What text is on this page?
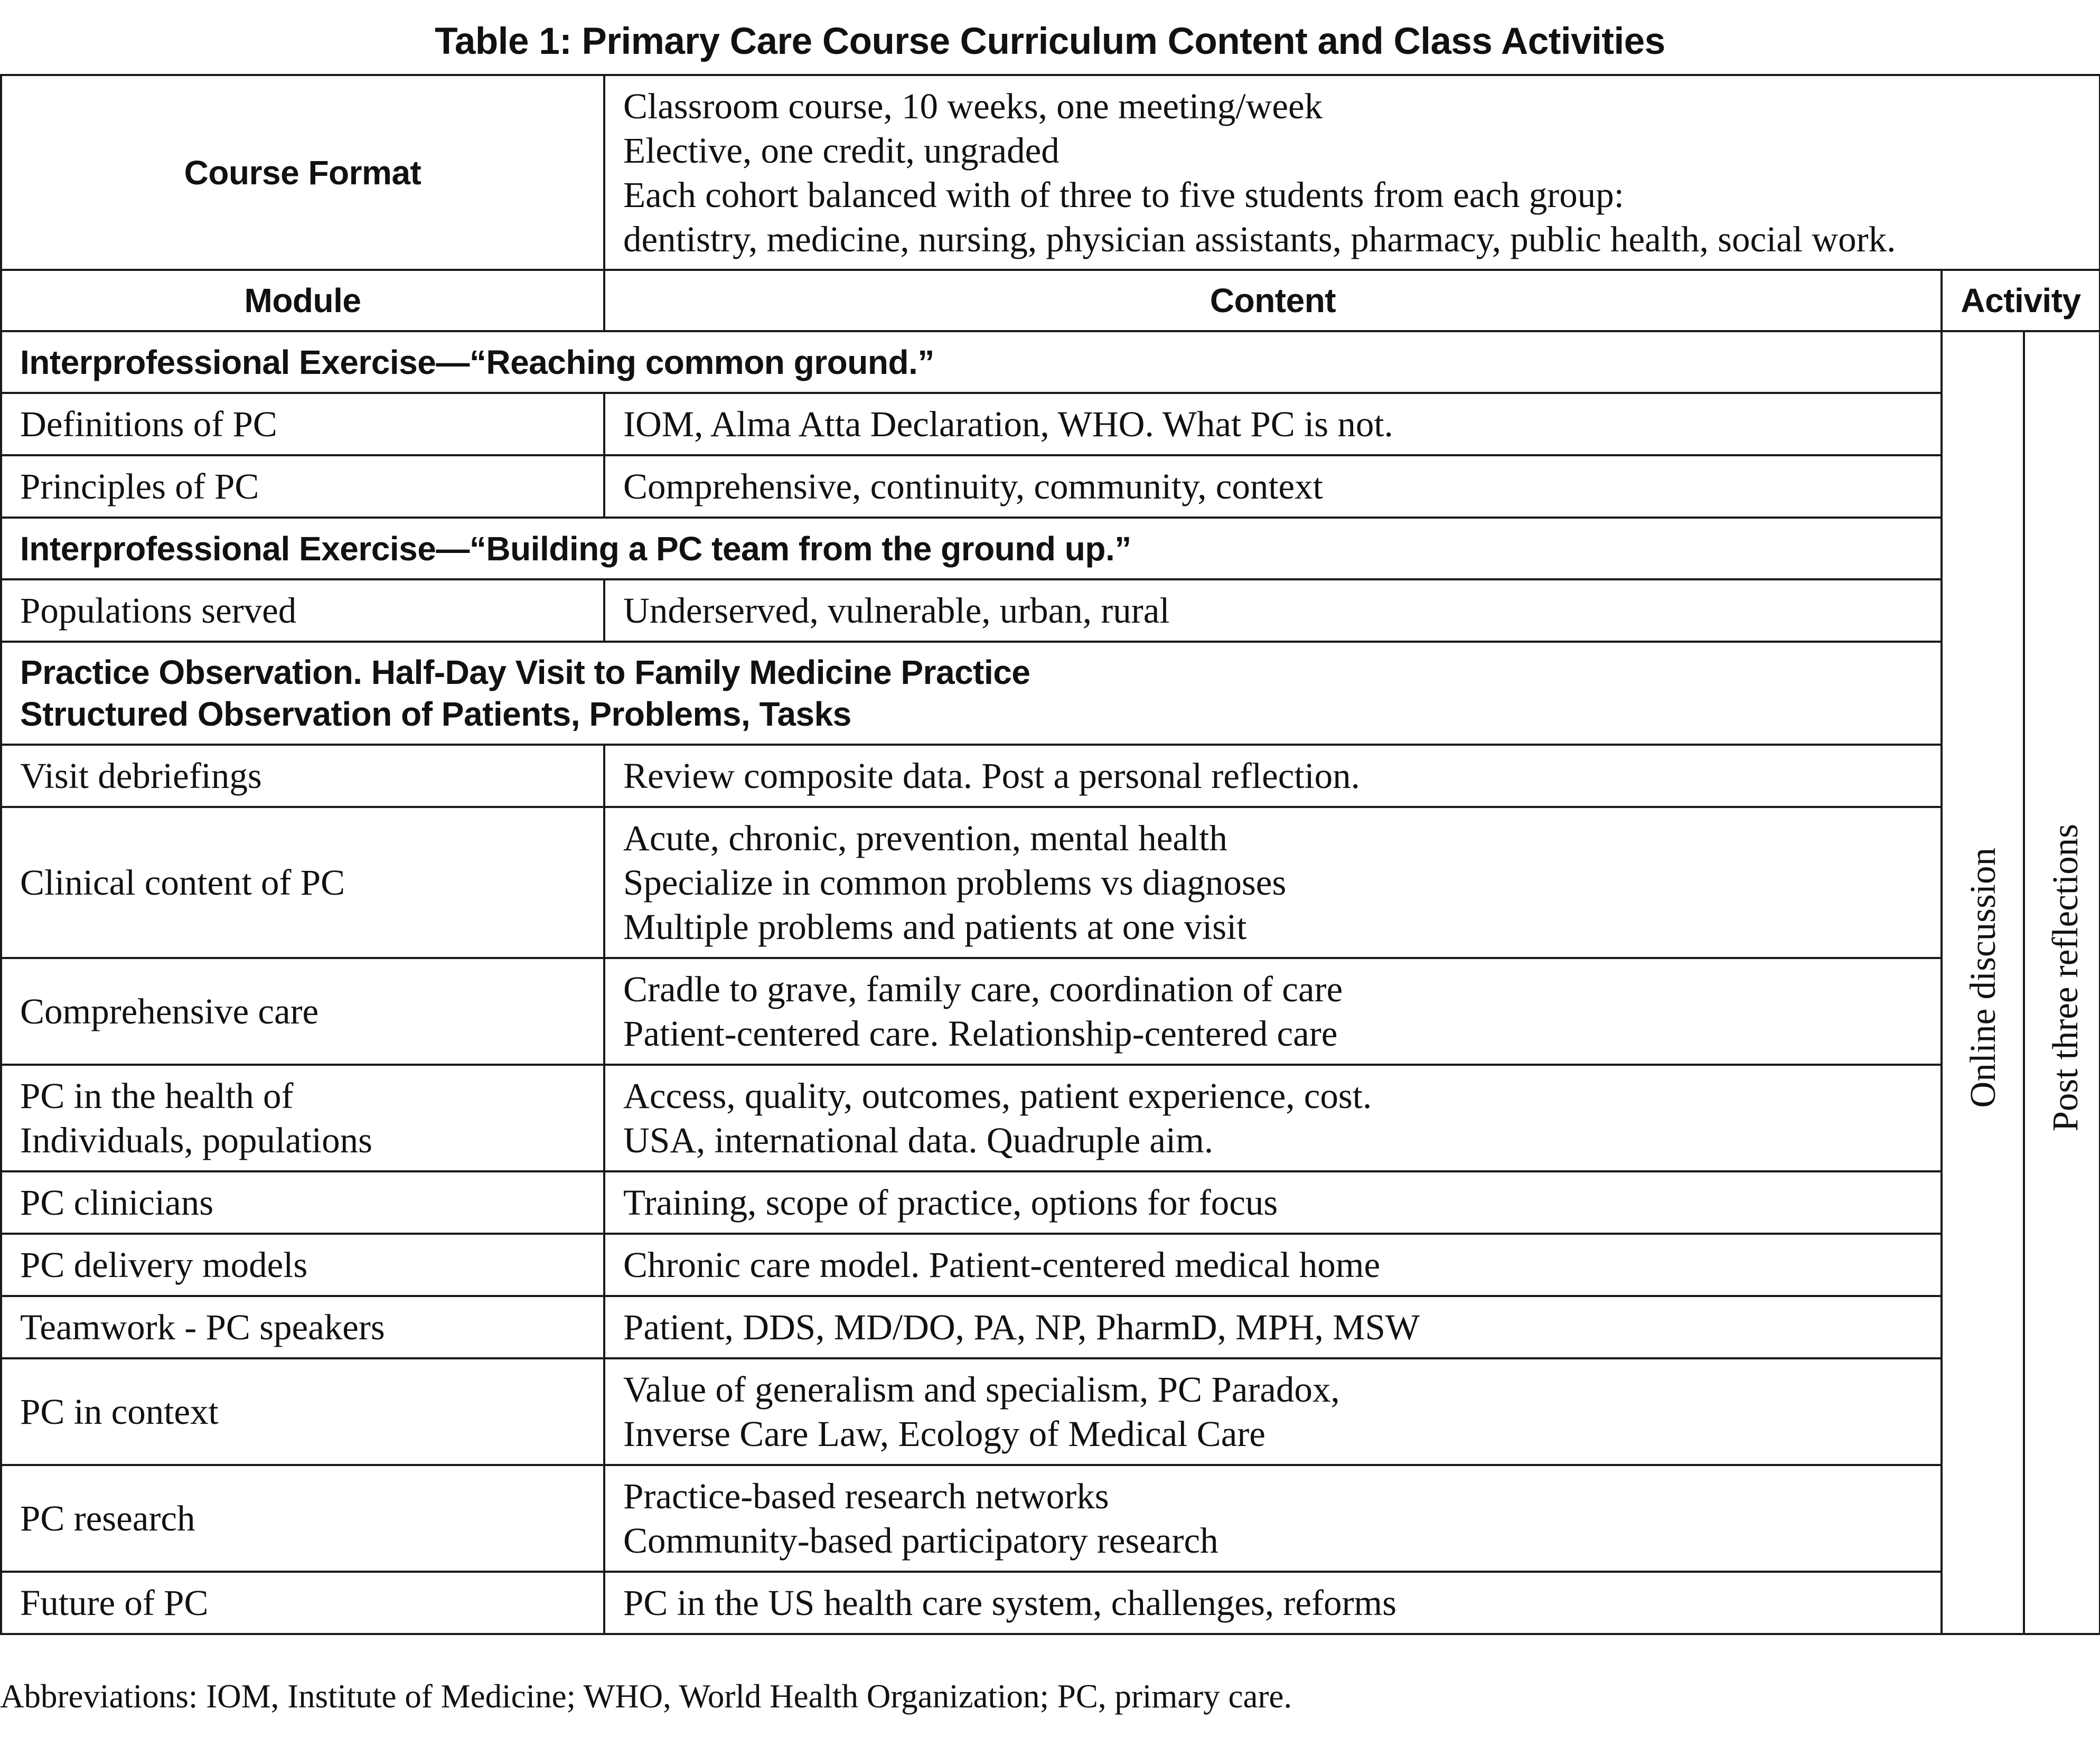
Table 1: Primary Care Course Curriculum Content and Class Activities
Course Format	Classroom course, 10 weeks, one meeting/week
Elective, one credit, ungraded
Each cohort balanced with of three to five students from each group:
dentistry, medicine, nursing, physician assistants, pharmacy, public health, social work.		

Module	Content	Activity	
Interprofessional Exercise—“Reaching common ground.”		Online discussion	Post three reflections

Definitions of PC	IOM, Alma Atta Declaration, WHO. What PC is not.		

Principles of PC	Comprehensive, continuity, community, context		

Interprofessional Exercise—“Building a PC team from the ground up.”			

Populations served	Underserved, vulnerable, urban, rural		

Practice Observation. Half-Day Visit to Family Medicine Practice
Structured Observation of Patients, Problems, Tasks			

Visit debriefings	Review composite data. Post a personal reflection.		

Clinical content of PC	Acute, chronic, prevention, mental health
Specialize in common problems vs diagnoses
Multiple problems and patients at one visit		

Comprehensive care	Cradle to grave, family care, coordination of care
Patient-centered care. Relationship-centered care		

PC in the health of
Individuals, populations	Access, quality, outcomes, patient experience, cost.
USA, international data. Quadruple aim.		

PC clinicians	Training, scope of practice, options for focus		

PC delivery models	Chronic care model. Patient-centered medical home		

Teamwork - PC speakers	Patient, DDS, MD/DO, PA, NP, PharmD, MPH, MSW		

PC in context	Value of generalism and specialism, PC Paradox,
Inverse Care Law, Ecology of Medical Care		

PC research	Practice-based research networks
Community-based participatory research		

Future of PC	PC in the US health care system, challenges, reforms		
Abbreviations: IOM, Institute of Medicine; WHO, World Health Organization; PC, primary care.
